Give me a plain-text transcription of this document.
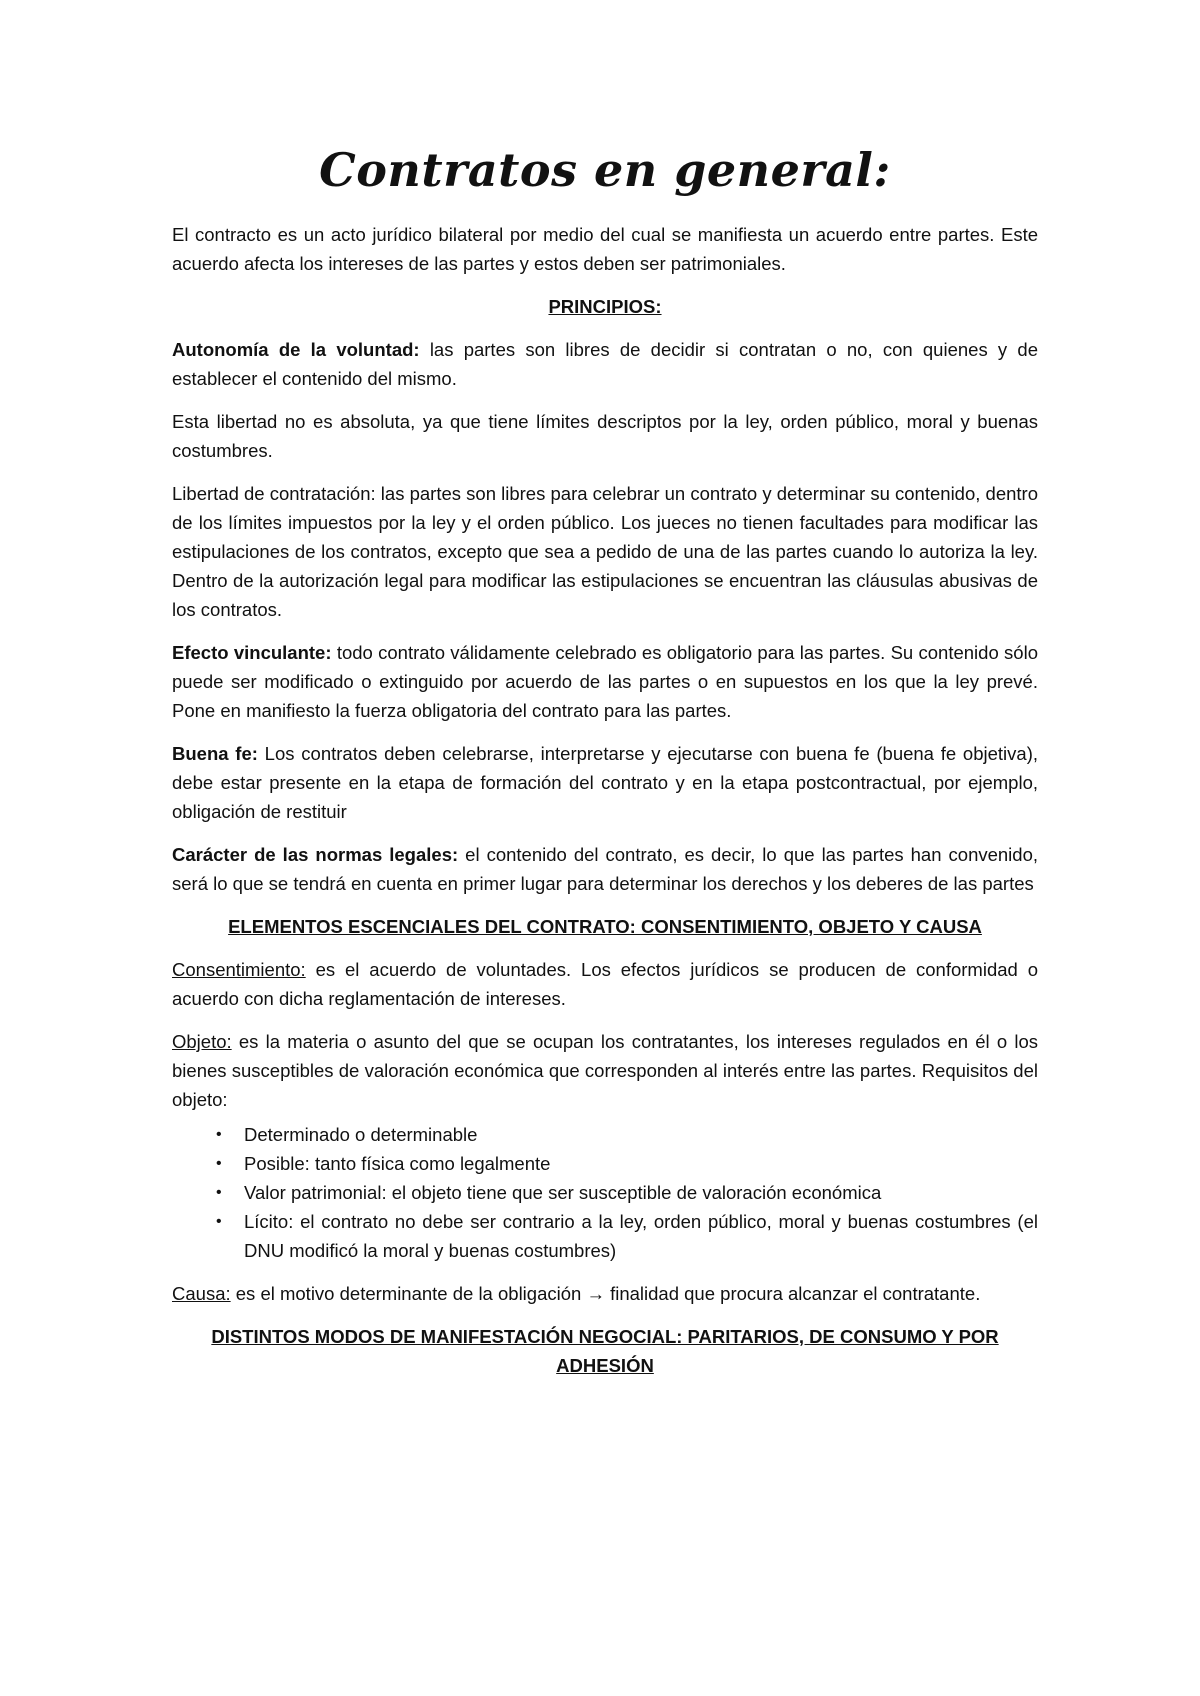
Contratos en general:

El contracto es un acto jurídico bilateral por medio del cual se manifiesta un acuerdo entre partes. Este acuerdo afecta los intereses de las partes y estos deben ser patrimoniales.

PRINCIPIOS:

Autonomía de la voluntad: las partes son libres de decidir si contratan o no, con quienes y de establecer el contenido del mismo.

Esta libertad no es absoluta, ya que tiene límites descriptos por la ley, orden público, moral y buenas costumbres.

Libertad de contratación: las partes son libres para celebrar un contrato y determinar su contenido, dentro de los límites impuestos por la ley y el orden público. Los jueces no tienen facultades para modificar las estipulaciones de los contratos, excepto que sea a pedido de una de las partes cuando lo autoriza la ley. Dentro de la autorización legal para modificar las estipulaciones se encuentran las cláusulas abusivas de los contratos.

Efecto vinculante: todo contrato válidamente celebrado es obligatorio para las partes. Su contenido sólo puede ser modificado o extinguido por acuerdo de las partes o en supuestos en los que la ley prevé. Pone en manifiesto la fuerza obligatoria del contrato para las partes.

Buena fe: Los contratos deben celebrarse, interpretarse y ejecutarse con buena fe (buena fe objetiva), debe estar presente en la etapa de formación del contrato y en la etapa postcontractual, por ejemplo, obligación de restituir

Carácter de las normas legales: el contenido del contrato, es decir, lo que las partes han convenido, será lo que se tendrá en cuenta en primer lugar para determinar los derechos y los deberes de las partes

ELEMENTOS ESCENCIALES DEL CONTRATO: CONSENTIMIENTO, OBJETO Y CAUSA

Consentimiento: es el acuerdo de voluntades. Los efectos jurídicos se producen de conformidad o acuerdo con dicha reglamentación de intereses.

Objeto: es la materia o asunto del que se ocupan los contratantes, los intereses regulados en él o los bienes susceptibles de valoración económica que corresponden al interés entre las partes. Requisitos del objeto:

• Determinado o determinable
• Posible: tanto física como legalmente
• Valor patrimonial: el objeto tiene que ser susceptible de valoración económica
• Lícito: el contrato no debe ser contrario a la ley, orden público, moral y buenas costumbres (el DNU modificó la moral y buenas costumbres)

Causa: es el motivo determinante de la obligación → finalidad que procura alcanzar el contratante.

DISTINTOS MODOS DE MANIFESTACIÓN NEGOCIAL: PARITARIOS, DE CONSUMO Y POR ADHESIÓN
